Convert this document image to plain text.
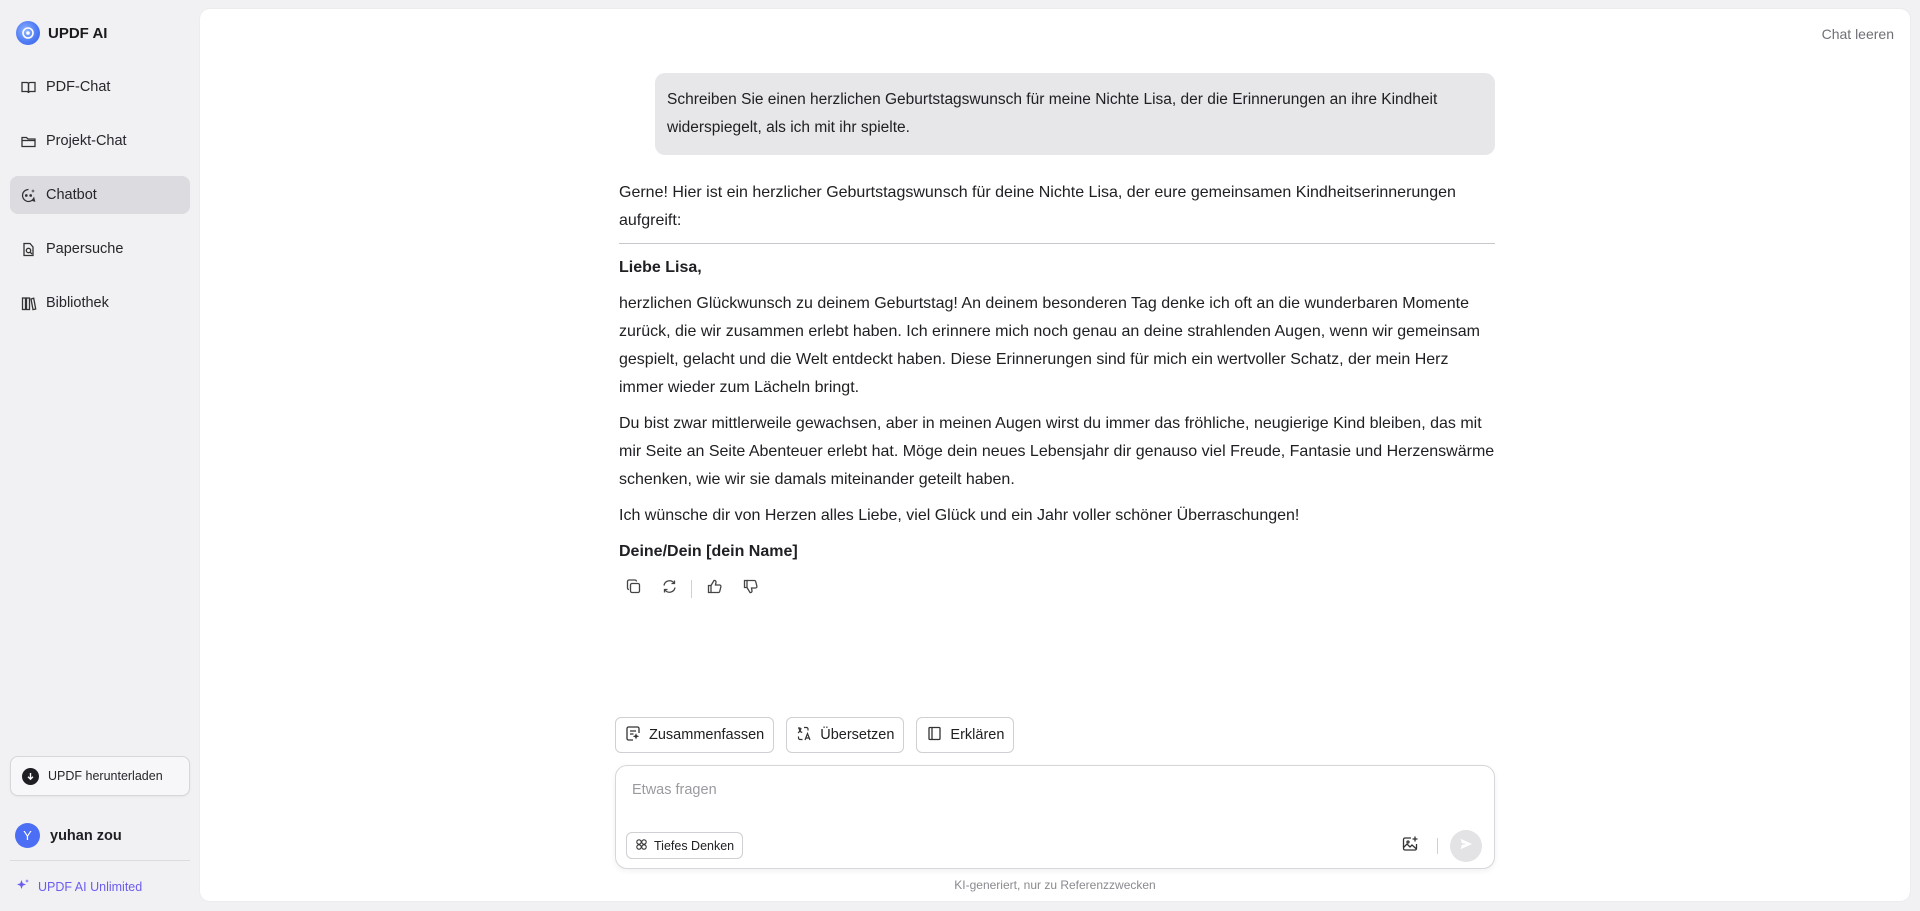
UPDF AI
PDF-Chat
Projekt-Chat
Chatbot
Papersuche
Bibliothek
UPDF herunterladen
Y	yuhan zou
UPDF AI Unlimited
Chat leeren
Schreiben Sie einen herzlichen Geburtstagswunsch für meine Nichte Lisa, der die Erinnerungen an ihre Kindheit widerspiegelt, als ich mit ihr spielte.

Gerne! Hier ist ein herzlicher Geburtstagswunsch für deine Nichte Lisa, der eure gemeinsamen Kindheitserinnerungen aufgreift:

Liebe Lisa,

herzlichen Glückwunsch zu deinem Geburtstag! An deinem besonderen Tag denke ich oft an die wunderbaren Momente zurück, die wir zusammen erlebt haben. Ich erinnere mich noch genau an deine strahlenden Augen, wenn wir gemeinsam gespielt, gelacht und die Welt entdeckt haben. Diese Erinnerungen sind für mich ein wertvoller Schatz, der mein Herz immer wieder zum Lächeln bringt.

Du bist zwar mittlerweile gewachsen, aber in meinen Augen wirst du immer das fröhliche, neugierige Kind bleiben, das mit mir Seite an Seite Abenteuer erlebt hat. Möge dein neues Lebensjahr dir genauso viel Freude, Fantasie und Herzenswärme schenken, wie wir sie damals miteinander geteilt haben.

Ich wünsche dir von Herzen alles Liebe, viel Glück und ein Jahr voller schöner Überraschungen!

Deine/Dein [dein Name]

Zusammenfassen	Übersetzen	Erklären
Etwas fragen
Tiefes Denken
KI-generiert, nur zu Referenzzwecken
